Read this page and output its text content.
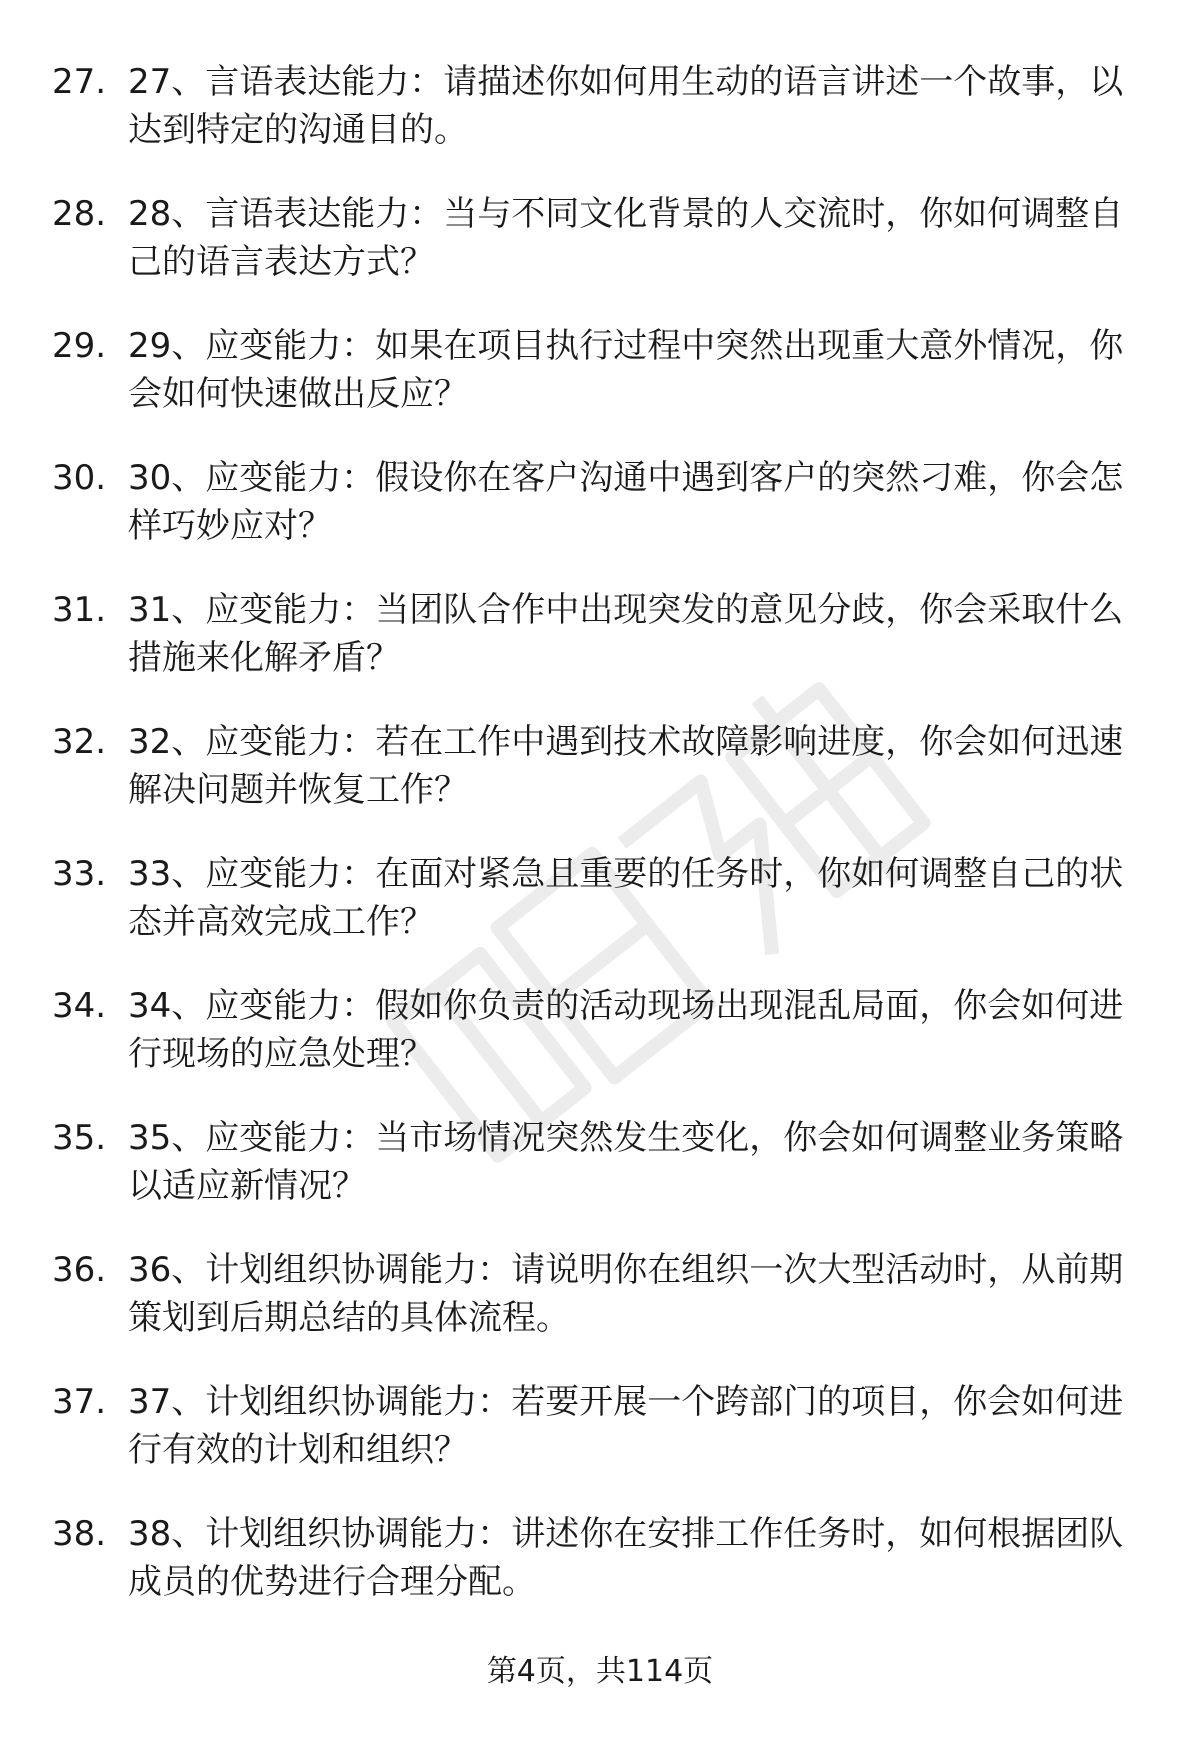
27. 27、言语表达能力：请描述你如何用生动的语言讲述一个故事，以达到特定的沟通目的。
28. 28、言语表达能力：当与不同文化背景的人交流时，你如何调整自己的语言表达方式？
29. 29、应变能力：如果在项目执行过程中突然出现重大意外情况，你会如何快速做出反应？
30. 30、应变能力：假设你在客户沟通中遇到客户的突然刁难，你会怎样巧妙应对？
31. 31、应变能力：当团队合作中出现突发的意见分歧，你会采取什么措施来化解矛盾？
32. 32、应变能力：若在工作中遇到技术故障影响进度，你会如何迅速解决问题并恢复工作？
33. 33、应变能力：在面对紧急且重要的任务时，你如何调整自己的状态并高效完成工作？
34. 34、应变能力：假如你负责的活动现场出现混乱局面，你会如何进行现场的应急处理？
35. 35、应变能力：当市场情况突然发生变化，你会如何调整业务策略以适应新情况？
36. 36、计划组织协调能力：请说明你在组织一次大型活动时，从前期策划到后期总结的具体流程。
37. 37、计划组织协调能力：若要开展一个跨部门的项目，你会如何进行有效的计划和组织？
38. 38、计划组织协调能力：讲述你在安排工作任务时，如何根据团队成员的优势进行合理分配。
第4页，共114页
